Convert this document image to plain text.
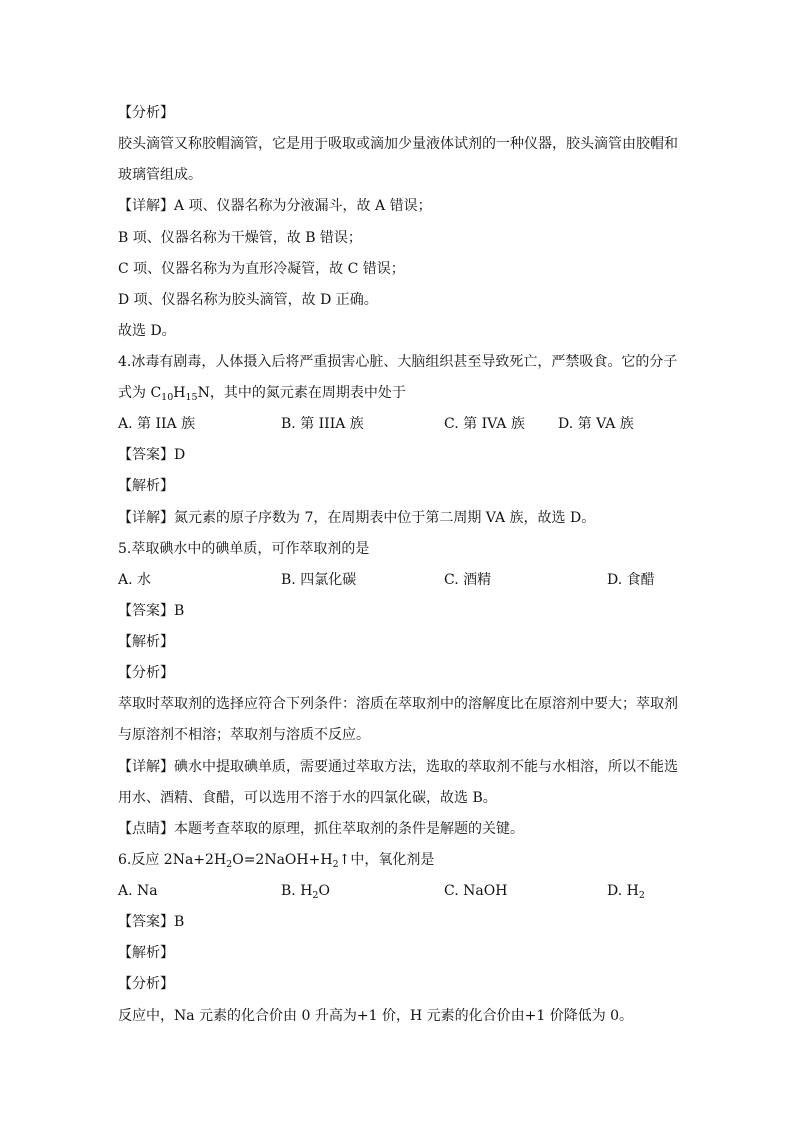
【分析】
胶头滴管又称胶帽滴管，它是用于吸取或滴加少量液体试剂的一种仪器，胶头滴管由胶帽和
玻璃管组成。
【详解】A 项、仪器名称为分液漏斗，故 A 错误；
B 项、仪器名称为干燥管，故 B 错误；
C 项、仪器名称为为直形冷凝管，故 C 错误；
D 项、仪器名称为胶头滴管，故 D 正确。
故选 D。
4.冰毒有剧毒，人体摄入后将严重损害心脏、大脑组织甚至导致死亡，严禁吸食。它的分子
式为 $C_{10}H_{15}N$，其中的氮元素在周期表中处于
A. 第 IIA 族	B. 第 IIIA 族	C. 第 IVA 族 D. 第 VA 族
【答案】D
【解析】
【详解】氮元素的原子序数为 7，在周期表中位于第二周期 VA 族，故选 D。
5.萃取碘水中的碘单质，可作萃取剂的是
A. 水	B. 四氯化碳	C. 酒精	D. 食醋
【答案】B
【解析】
【分析】
萃取时萃取剂的选择应符合下列条件：溶质在萃取剂中的溶解度比在原溶剂中要大；萃取剂
与原溶剂不相溶；萃取剂与溶质不反应。
【详解】碘水中提取碘单质，需要通过萃取方法，选取的萃取剂不能与水相溶，所以不能选
用水、酒精、食醋，可以选用不溶于水的四氯化碳，故选 B。
【点睛】本题考查萃取的原理，抓住萃取剂的条件是解题的关键。
6.反应 $2Na+2H_2O=2NaOH+H_2↑$中，氧化剂是
A. Na	B. $H_2O$	C. NaOH	D. $H_2$
【答案】B
【解析】
【分析】
反应中，Na 元素的化合价由 0 升高为+1 价，H 元素的化合价由+1 价降低为 0。
